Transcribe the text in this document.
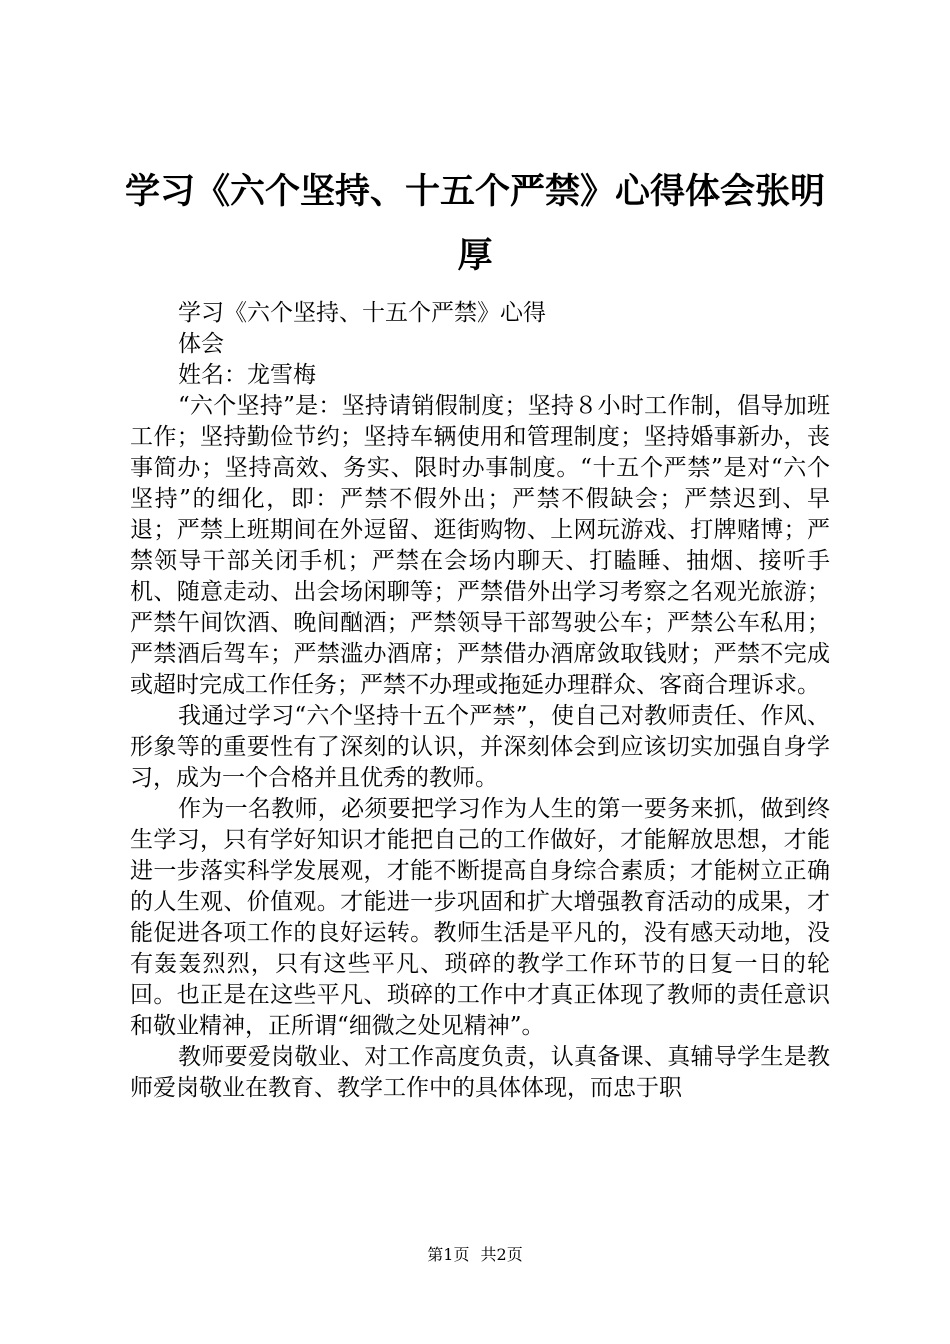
学习《六个坚持、十五个严禁》心得体会张明厚

学习《六个坚持、十五个严禁》心得

体会

姓名：龙雪梅

“六个坚持”是：坚持请销假制度；坚持８小时工作制，倡导加班工作；坚持勤俭节约；坚持车辆使用和管理制度；坚持婚事新办，丧事简办；坚持高效、务实、限时办事制度。“十五个严禁”是对“六个坚持”的细化，即：严禁不假外出；严禁不假缺会；严禁迟到、早退；严禁上班期间在外逗留、逛街购物、上网玩游戏、打牌赌博；严禁领导干部关闭手机；严禁在会场内聊天、打瞌睡、抽烟、接听手机、随意走动、出会场闲聊等；严禁借外出学习考察之名观光旅游；严禁午间饮酒、晚间酗酒；严禁领导干部驾驶公车；严禁公车私用；严禁酒后驾车；严禁滥办酒席；严禁借办酒席敛取钱财；严禁不完成或超时完成工作任务；严禁不办理或拖延办理群众、客商合理诉求。

我通过学习“六个坚持十五个严禁”，使自己对教师责任、作风、形象等的重要性有了深刻的认识，并深刻体会到应该切实加强自身学习，成为一个合格并且优秀的教师。

作为一名教师，必须要把学习作为人生的第一要务来抓，做到终生学习，只有学好知识才能把自己的工作做好，才能解放思想，才能进一步落实科学发展观，才能不断提高自身综合素质；才能树立正确的人生观、价值观。才能进一步巩固和扩大增强教育活动的成果，才能促进各项工作的良好运转。教师生活是平凡的，没有感天动地，没有轰轰烈烈，只有这些平凡、琐碎的教学工作环节的日复一日的轮回。也正是在这些平凡、琐碎的工作中才真正体现了教师的责任意识和敬业精神，正所谓“细微之处见精神”。

教师要爱岗敬业、对工作高度负责，认真备课、真辅导学生是教师爱岗敬业在教育、教学工作中的具体体现，而忠于职

第1页 共2页
